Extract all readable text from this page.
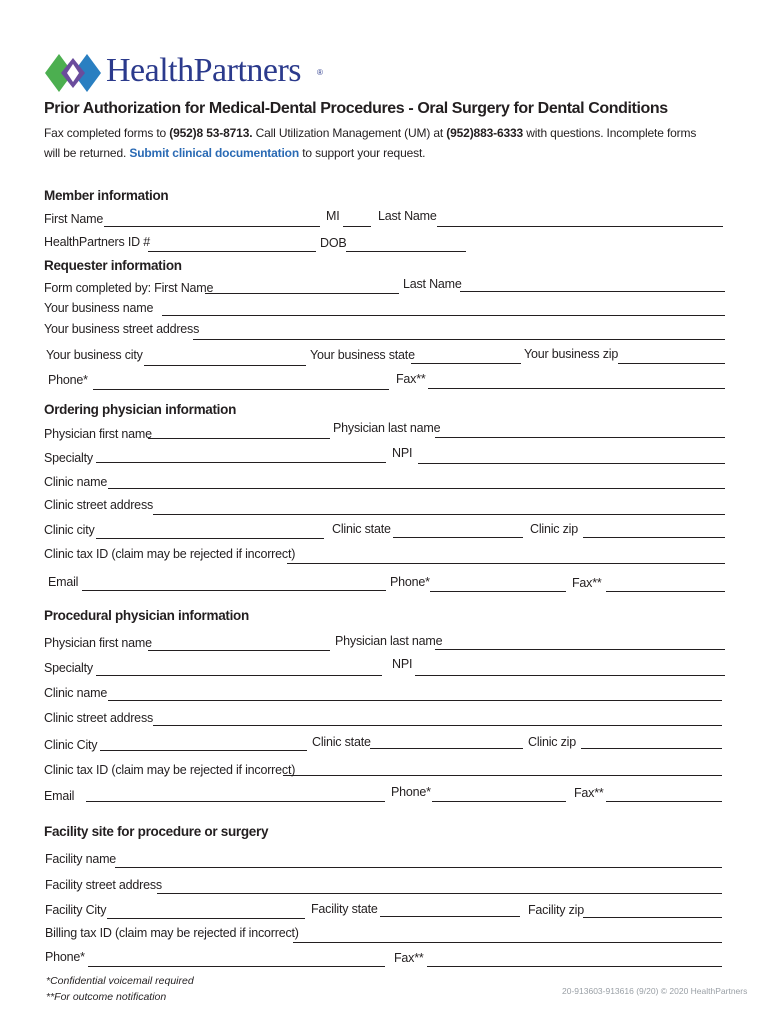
HealthPartners ®
Prior Authorization for Medical-Dental Procedures - Oral Surgery for Dental Conditions
Fax completed forms to (952)8 53-8713. Call Utilization Management (UM) at (952)883-6333 with questions. Incomplete forms
will be returned. Submit clinical documentation to support your request.
Member information
First Name	MI	Last Name
HealthPartners ID #	DOB
Requester information
Form completed by: First Name	Last Name
Your business name
Your business street address
Your business city	Your business state	Your business zip
Phone*	Fax**
Ordering physician information
Physician first name	Physician last name
Specialty	NPI
Clinic name
Clinic street address
Clinic city	Clinic state	Clinic zip
Clinic tax ID (claim may be rejected if incorrect)
Email	Phone*	Fax**
Procedural physician information
Physician first name	Physician last name
Specialty	NPI
Clinic name
Clinic street address
Clinic City	Clinic state	Clinic zip
Clinic tax ID (claim may be rejected if incorrect)
Email	Phone*	Fax**
Facility site for procedure or surgery
Facility name
Facility street address
Facility City	Facility state	Facility zip
Billing tax ID (claim may be rejected if incorrect)
Phone*	Fax**
*Confidential voicemail required
**For outcome notification	20-913603-913616 (9/20) © 2020 HealthPartners
